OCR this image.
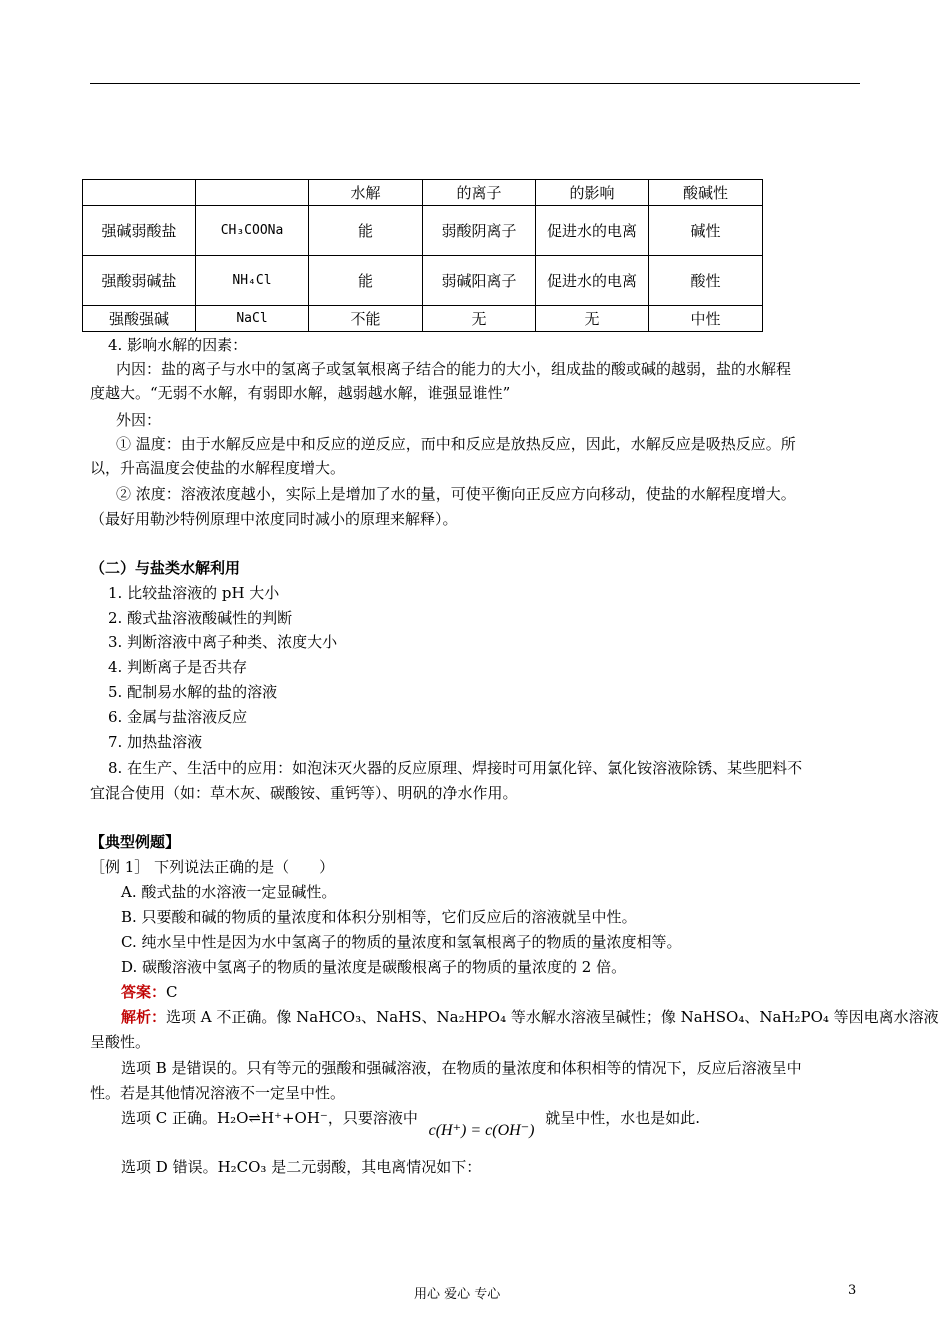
		水解	的离子	的影响	酸碱性
强碱弱酸盐	CH₃COONa	能	弱酸阴离子	促进水的电离	碱性
强酸弱碱盐	NH₄Cl	能	弱碱阳离子	促进水的电离	酸性
强酸强碱	NaCl	不能	无	无	中性
4. 影响水解的因素：
内因：盐的离子与水中的氢离子或氢氧根离子结合的能力的大小，组成盐的酸或碱的越弱，盐的水解程
度越大。“无弱不水解，有弱即水解，越弱越水解，谁强显谁性”
外因：
① 温度：由于水解反应是中和反应的逆反应，而中和反应是放热反应，因此，水解反应是吸热反应。所
以，升高温度会使盐的水解程度增大。
② 浓度：溶液浓度越小，实际上是增加了水的量，可使平衡向正反应方向移动，使盐的水解程度增大。
（最好用勒沙特例原理中浓度同时减小的原理来解释）。
（二）与盐类水解利用
1. 比较盐溶液的 pH 大小
2. 酸式盐溶液酸碱性的判断
3. 判断溶液中离子种类、浓度大小
4. 判断离子是否共存
5. 配制易水解的盐的溶液
6. 金属与盐溶液反应
7. 加热盐溶液
8. 在生产、生活中的应用：如泡沫灭火器的反应原理、焊接时可用氯化锌、氯化铵溶液除锈、某些肥料不
宜混合使用（如：草木灰、碳酸铵、重钙等）、明矾的净水作用。
【典型例题】
［例 1］ 下列说法正确的是（　　）
A. 酸式盐的水溶液一定显碱性。
B. 只要酸和碱的物质的量浓度和体积分别相等，它们反应后的溶液就呈中性。
C. 纯水呈中性是因为水中氢离子的物质的量浓度和氢氧根离子的物质的量浓度相等。
D. 碳酸溶液中氢离子的物质的量浓度是碳酸根离子的物质的量浓度的 2 倍。
答案：C
解析：选项 A 不正确。像 NaHCO₃、NaHS、Na₂HPO₄ 等水解水溶液呈碱性；像 NaHSO₄、NaH₂PO₄ 等因电离水溶液
呈酸性。
选项 B 是错误的。只有等元的强酸和强碱溶液，在物质的量浓度和体积相等的情况下，反应后溶液呈中
性。若是其他情况溶液不一定呈中性。
选项 C 正确。H₂O⇌H⁺+OH⁻，只要溶液中 c(H⁺) = c(OH⁻) 就呈中性，水也是如此.
选项 D 错误。H₂CO₃ 是二元弱酸，其电离情况如下：
用心 爱心 专心	3
